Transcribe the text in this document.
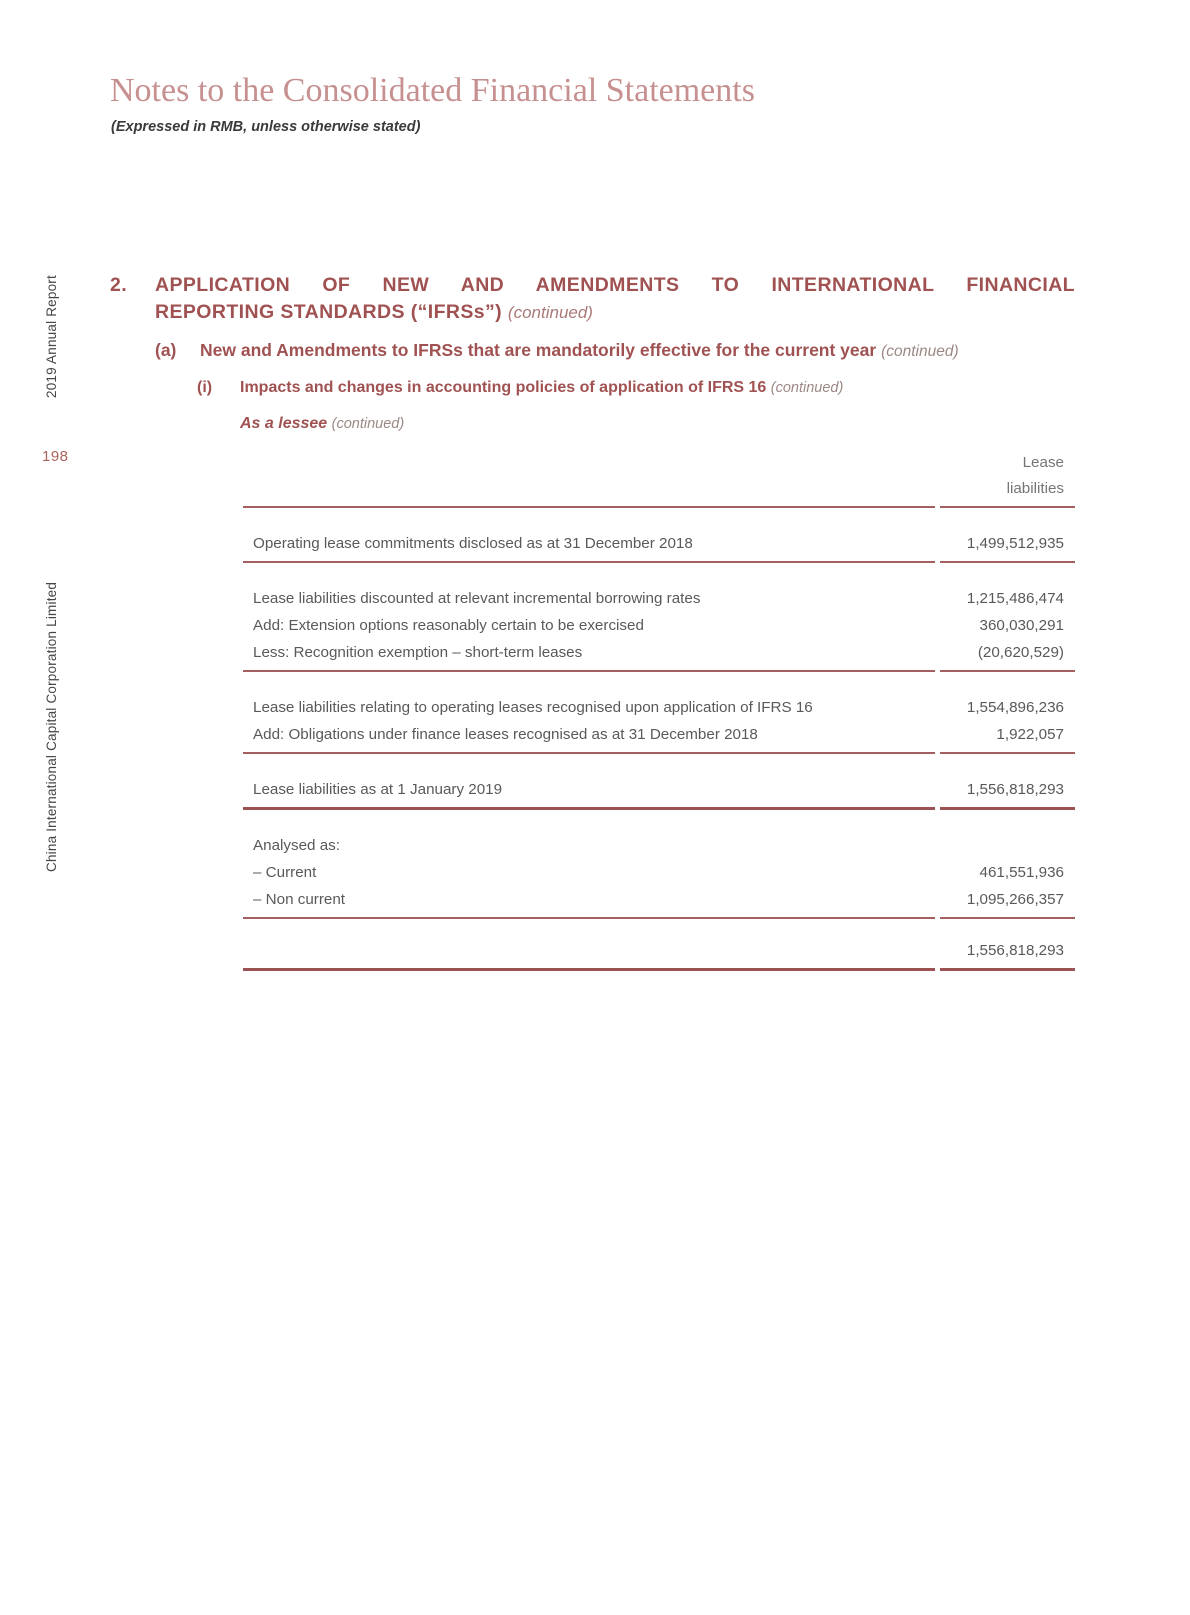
2019 Annual Report
198
China International Capital Corporation Limited
Notes to the Consolidated Financial Statements
(Expressed in RMB, unless otherwise stated)
2.	APPLICATION OF NEW AND AMENDMENTS TO INTERNATIONAL FINANCIAL
REPORTING STANDARDS (“IFRSs”) (continued)
(a)	New and Amendments to IFRSs that are mandatorily effective for the current year (continued)
(i)	Impacts and changes in accounting policies of application of IFRS 16 (continued)
As a lessee (continued)
Lease
liabilities
Operating lease commitments disclosed as at 31 December 2018	1,499,512,935
Lease liabilities discounted at relevant incremental borrowing rates	1,215,486,474
Add: Extension options reasonably certain to be exercised	360,030,291
Less: Recognition exemption – short-term leases	(20,620,529)
Lease liabilities relating to operating leases recognised upon application of IFRS 16	1,554,896,236
Add: Obligations under finance leases recognised as at 31 December 2018	1,922,057
Lease liabilities as at 1 January 2019	1,556,818,293
Analysed as:
– Current	461,551,936
– Non current	1,095,266,357
1,556,818,293
